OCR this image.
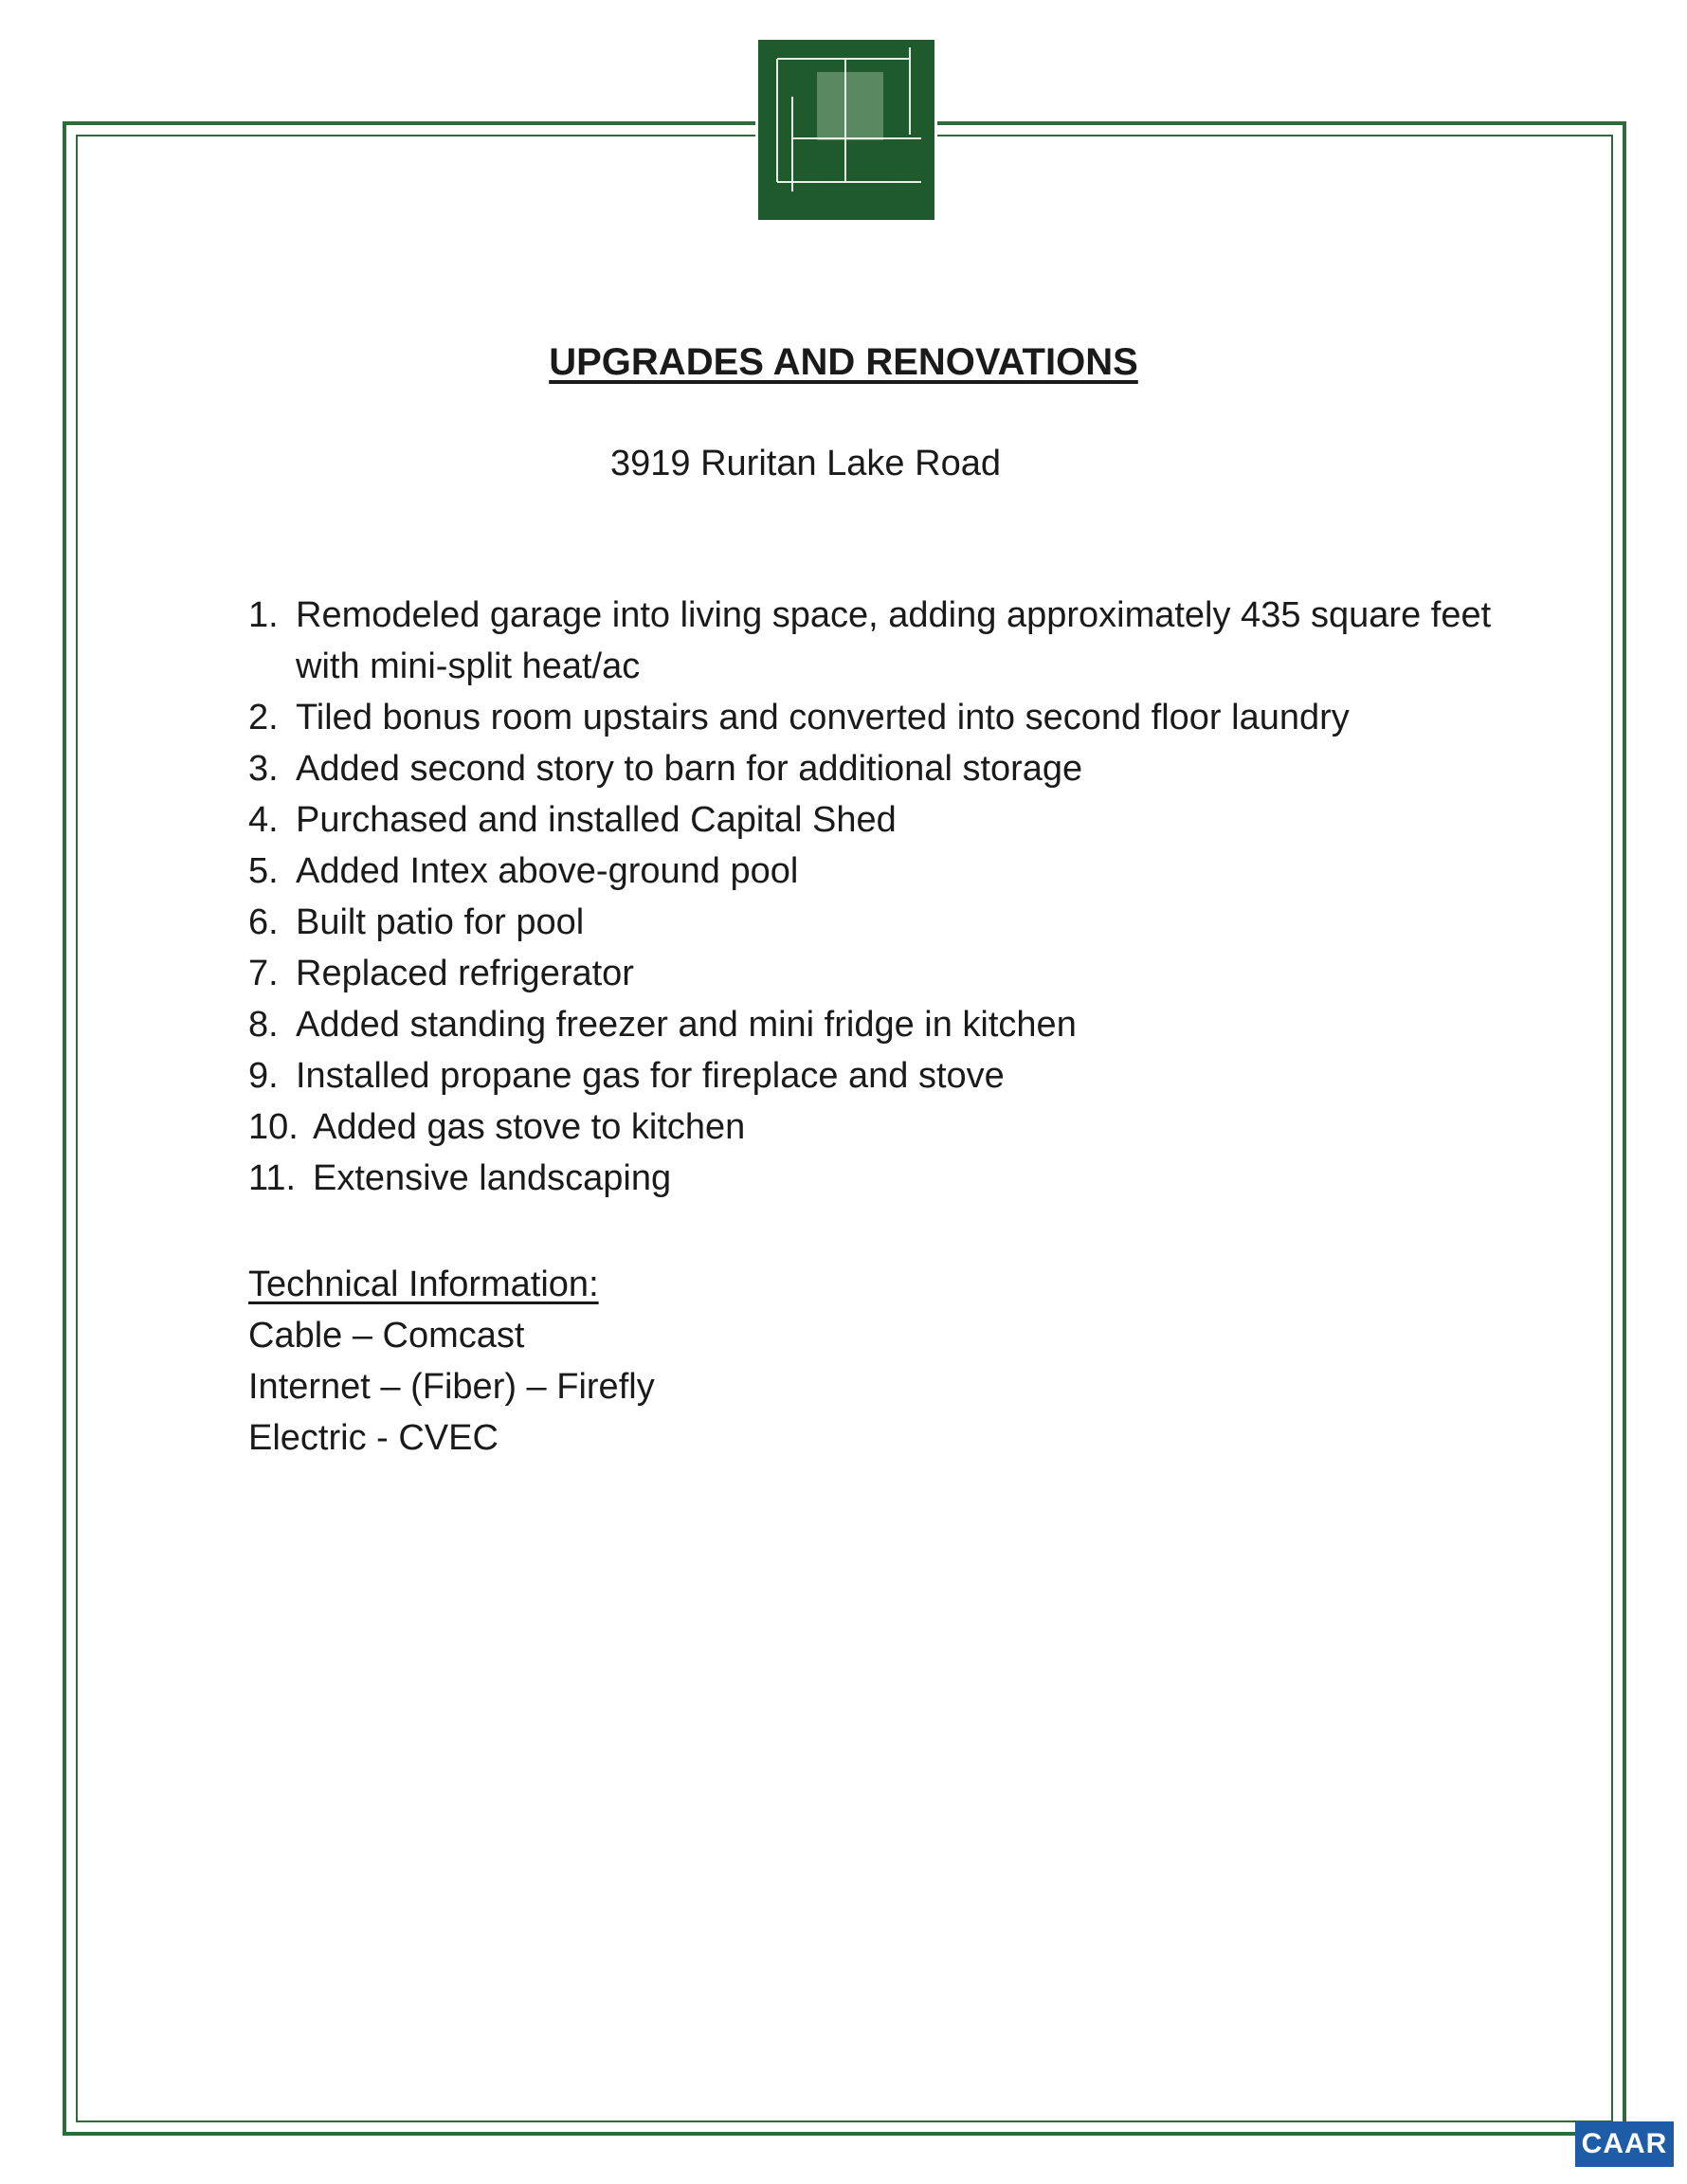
UPGRADES AND RENOVATIONS
3919 Ruritan Lake Road
1. Remodeled garage into living space, adding approximately 435 square feet with mini-split heat/ac
2. Tiled bonus room upstairs and converted into second floor laundry
3. Added second story to barn for additional storage
4. Purchased and installed Capital Shed
5. Added Intex above-ground pool
6. Built patio for pool
7. Replaced refrigerator
8. Added standing freezer and mini fridge in kitchen
9. Installed propane gas for fireplace and stove
10. Added gas stove to kitchen
11. Extensive landscaping
Technical Information:
Cable – Comcast
Internet – (Fiber) – Firefly
Electric - CVEC
CAAR
